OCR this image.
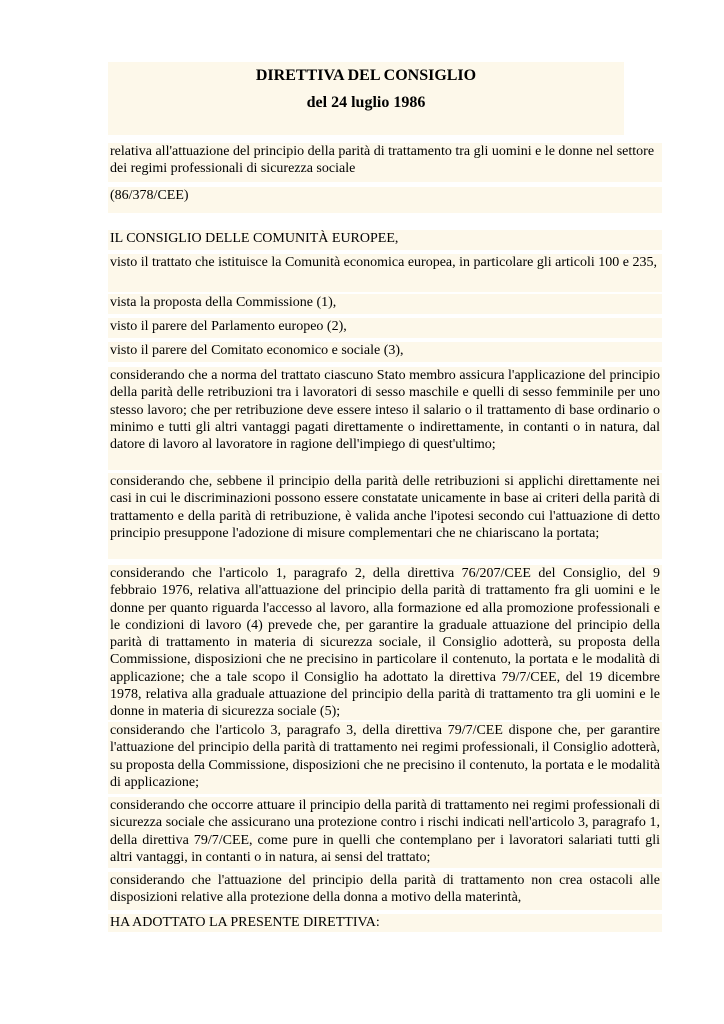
DIRETTIVA DEL CONSIGLIO
del 24 luglio 1986
relativa all'attuazione del principio della parità di trattamento tra gli uomini e le donne nel settore dei regimi professionali di sicurezza sociale
(86/378/CEE)
IL CONSIGLIO DELLE COMUNITÀ EUROPEE,
visto il trattato che istituisce la Comunità economica europea, in particolare gli articoli 100 e 235,
vista la proposta della Commissione (1),
visto il parere del Parlamento europeo (2),
visto il parere del Comitato economico e sociale (3),
considerando che a norma del trattato ciascuno Stato membro assicura l'applicazione del principio della parità delle retribuzioni tra i lavoratori di sesso maschile e quelli di sesso femminile per uno stesso lavoro; che per retribuzione deve essere inteso il salario o il trattamento di base ordinario o minimo e tutti gli altri vantaggi pagati direttamente o indirettamente, in contanti o in natura, dal datore di lavoro al lavoratore in ragione dell'impiego di quest'ultimo;
considerando che, sebbene il principio della parità delle retribuzioni si applichi direttamente nei casi in cui le discriminazioni possono essere constatate unicamente in base ai criteri della parità di trattamento e della parità di retribuzione, è valida anche l'ipotesi secondo cui l'attuazione di detto principio presuppone l'adozione di misure complementari che ne chiariscano la portata;
considerando che l'articolo 1, paragrafo 2, della direttiva 76/207/CEE del Consiglio, del 9 febbraio 1976, relativa all'attuazione del principio della parità di trattamento fra gli uomini e le donne per quanto riguarda l'accesso al lavoro, alla formazione ed alla promozione professionali e le condizioni di lavoro (4) prevede che, per garantire la graduale attuazione del principio della parità di trattamento in materia di sicurezza sociale, il Consiglio adotterà, su proposta della Commissione, disposizioni che ne precisino in particolare il contenuto, la portata e le modalità di applicazione; che a tale scopo il Consiglio ha adottato la direttiva 79/7/CEE, del 19 dicembre 1978, relativa alla graduale attuazione del principio della parità di trattamento tra gli uomini e le donne in materia di sicurezza sociale (5);
considerando che l'articolo 3, paragrafo 3, della direttiva 79/7/CEE dispone che, per garantire l'attuazione del principio della parità di trattamento nei regimi professionali, il Consiglio adotterà, su proposta della Commissione, disposizioni che ne precisino il contenuto, la portata e le modalità di applicazione;
considerando che occorre attuare il principio della parità di trattamento nei regimi professionali di sicurezza sociale che assicurano una protezione contro i rischi indicati nell'articolo 3, paragrafo 1, della direttiva 79/7/CEE, come pure in quelli che contemplano per i lavoratori salariati tutti gli altri vantaggi, in contanti o in natura, ai sensi del trattato;
considerando che l'attuazione del principio della parità di trattamento non crea ostacoli alle disposizioni relative alla protezione della donna a motivo della materintà,
HA ADOTTATO LA PRESENTE DIRETTIVA:
